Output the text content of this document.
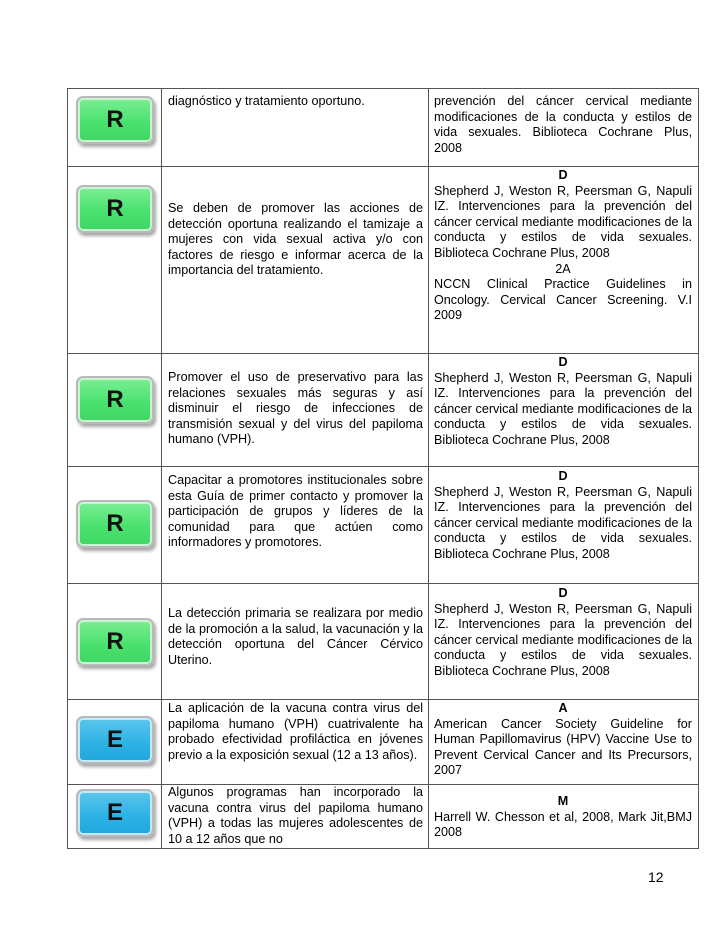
R

diagnóstico y tratamiento oportuno.	prevención del cáncer cervical mediante modificaciones de la conducta y estilos de vida sexuales. Biblioteca Cochrane Plus, 2008

R	Se deben de promover las acciones de detección oportuna realizando el tamizaje a mujeres con vida sexual activa y/o con factores de riesgo e informar acerca de la importancia del tratamiento.

D

Shepherd J, Weston R, Peersman G, Napuli IZ. Intervenciones para la prevención del cáncer cervical mediante modificaciones de la conducta y estilos de vida sexuales. Biblioteca Cochrane Plus, 2008

2A

NCCN Clinical Practice Guidelines in Oncology. Cervical Cancer Screening. V.I 2009

R

Promover el uso de preservativo para las relaciones sexuales más seguras y así disminuir el riesgo de infecciones de transmisión sexual y del virus del papiloma humano (VPH).

D

Shepherd J, Weston R, Peersman G, Napuli IZ. Intervenciones para la prevención del cáncer cervical mediante modificaciones de la conducta y estilos de vida sexuales. Biblioteca Cochrane Plus, 2008

R

Capacitar a promotores institucionales sobre esta Guía de primer contacto y promover la participación de grupos y líderes de la comunidad para que actúen como informadores y promotores.

D

Shepherd J, Weston R, Peersman G, Napuli IZ. Intervenciones para la prevención del cáncer cervical mediante modificaciones de la conducta y estilos de vida sexuales. Biblioteca Cochrane Plus, 2008

R

La detección primaria se realizara por medio de la promoción a la salud, la vacunación y la detección oportuna del Cáncer Cérvico Uterino.

D

Shepherd J, Weston R, Peersman G, Napuli IZ. Intervenciones para la prevención del cáncer cervical mediante modificaciones de la conducta y estilos de vida sexuales. Biblioteca Cochrane Plus, 2008

E

La aplicación de la vacuna contra virus del papiloma humano (VPH) cuatrivalente ha probado efectividad profiláctica en jóvenes previo a la exposición sexual (12 a 13 años).

A

American Cancer Society Guideline for Human Papillomavirus (HPV) Vaccine Use to Prevent Cervical Cancer and Its Precursors, 2007

E

Algunos programas han incorporado la vacuna contra virus del papiloma humano (VPH) a todas las mujeres adolescentes de 10 a 12 años que no

M

Harrell W. Chesson et al, 2008, Mark Jit,BMJ 2008

12
